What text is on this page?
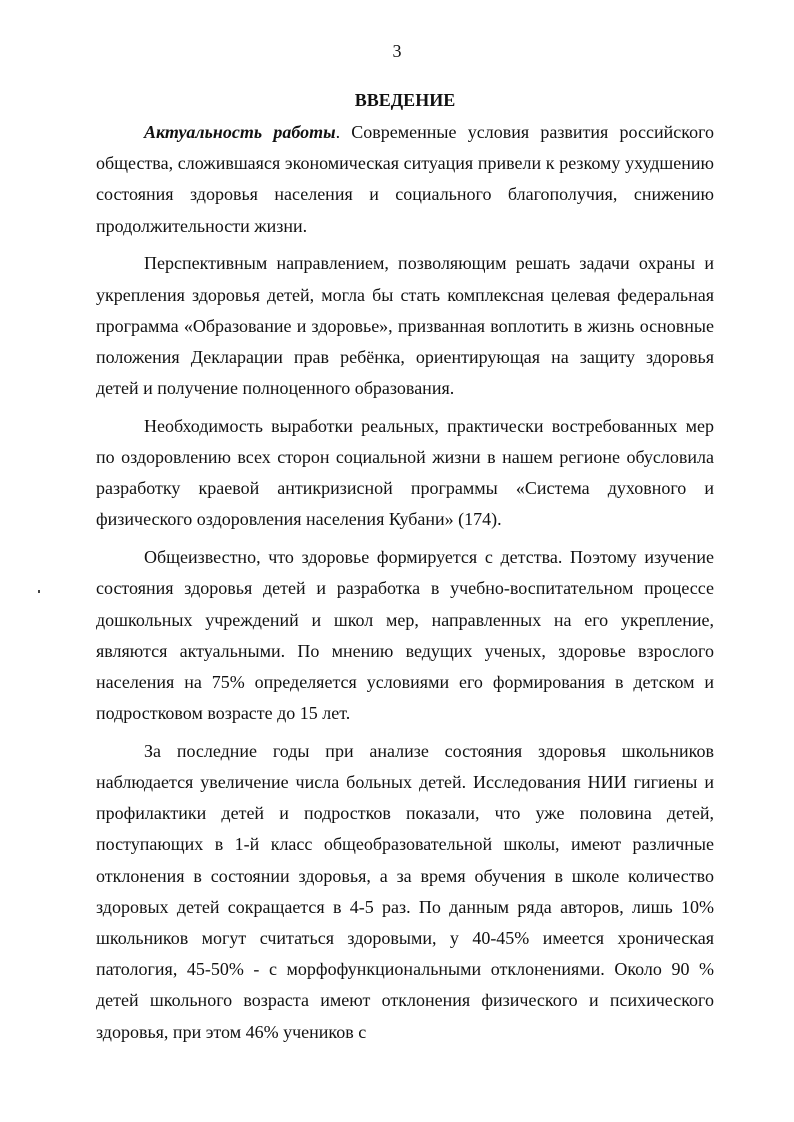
3
ВВЕДЕНИЕ

Актуальность работы. Современные условия развития российского общества, сложившаяся экономическая ситуация привели к резкому ухудшению состояния здоровья населения и социального благополучия, снижению продолжительности жизни.

Перспективным направлением, позволяющим решать задачи охраны и укрепления здоровья детей, могла бы стать комплексная целевая федеральная программа «Образование и здоровье», призванная воплотить в жизнь основные положения Декларации прав ребёнка, ориентирующая на защиту здоровья детей и получение полноценного образования.

Необходимость выработки реальных, практически востребованных мер по оздоровлению всех сторон социальной жизни в нашем регионе обусловила разработку краевой антикризисной программы «Система духовного и физического оздоровления населения Кубани» (174).

Общеизвестно, что здоровье формируется с детства. Поэтому изучение состояния здоровья детей и разработка в учебно-воспитательном процессе дошкольных учреждений и школ мер, направленных на его укрепление, являются актуальными. По мнению ведущих ученых, здоровье взрослого населения на 75% определяется условиями его формирования в детском и подростковом возрасте до 15 лет.

За последние годы при анализе состояния здоровья школьников наблюдается увеличение числа больных детей. Исследования НИИ гигиены и профилактики детей и подростков показали, что уже половина детей, поступающих в 1-й класс общеобразовательной школы, имеют различные отклонения в состоянии здоровья, а за время обучения в школе количество здоровых детей сокращается в 4-5 раз. По данным ряда авторов, лишь 10% школьников могут считаться здоровыми, у 40-45% имеется хроническая патология, 45-50% - с морфофункциональными отклонениями. Около 90 % детей школьного возраста имеют отклонения физического и психического здоровья, при этом 46% учеников с
